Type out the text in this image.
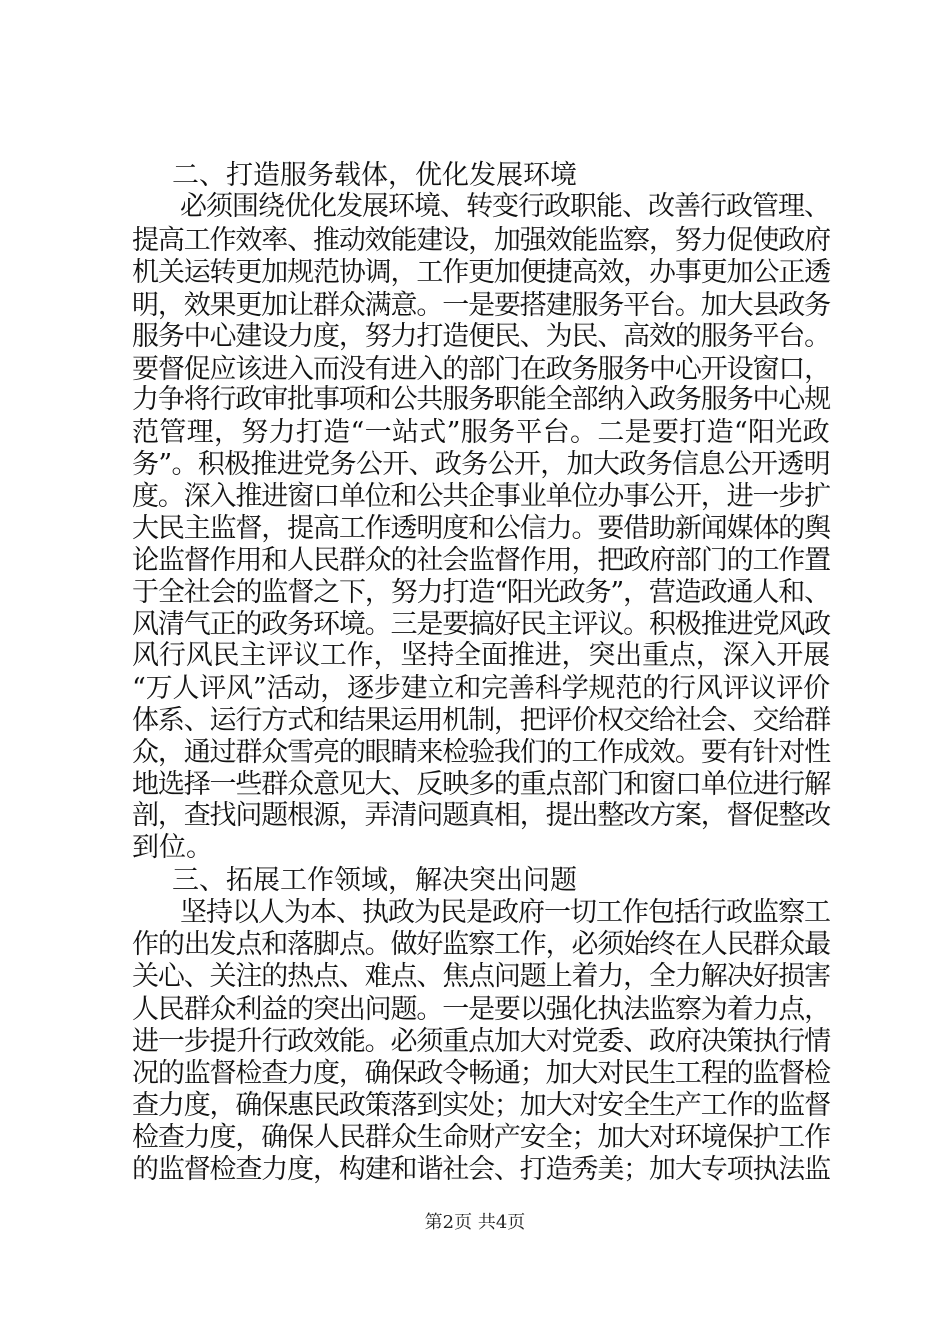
二、打造服务载体，优化发展环境
必须围绕优化发展环境、转变行政职能、改善行政管理、
提高工作效率、推动效能建设，加强效能监察，努力促使政府
机关运转更加规范协调，工作更加便捷高效，办事更加公正透
明，效果更加让群众满意。一是要搭建服务平台。加大县政务
服务中心建设力度，努力打造便民、为民、高效的服务平台。
要督促应该进入而没有进入的部门在政务服务中心开设窗口，
力争将行政审批事项和公共服务职能全部纳入政务服务中心规
范管理，努力打造“一站式”服务平台。二是要打造“阳光政
务”。积极推进党务公开、政务公开，加大政务信息公开透明
度。深入推进窗口单位和公共企事业单位办事公开，进一步扩
大民主监督，提高工作透明度和公信力。要借助新闻媒体的舆
论监督作用和人民群众的社会监督作用，把政府部门的工作置
于全社会的监督之下，努力打造“阳光政务”，营造政通人和、
风清气正的政务环境。三是要搞好民主评议。积极推进党风政
风行风民主评议工作，坚持全面推进，突出重点，深入开展
“万人评风”活动，逐步建立和完善科学规范的行风评议评价
体系、运行方式和结果运用机制，把评价权交给社会、交给群
众，通过群众雪亮的眼睛来检验我们的工作成效。要有针对性
地选择一些群众意见大、反映多的重点部门和窗口单位进行解
剖，查找问题根源，弄清问题真相，提出整改方案，督促整改
到位。
三、拓展工作领域，解决突出问题
坚持以人为本、执政为民是政府一切工作包括行政监察工
作的出发点和落脚点。做好监察工作，必须始终在人民群众最
关心、关注的热点、难点、焦点问题上着力，全力解决好损害
人民群众利益的突出问题。一是要以强化执法监察为着力点，
进一步提升行政效能。必须重点加大对党委、政府决策执行情
况的监督检查力度，确保政令畅通；加大对民生工程的监督检
查力度，确保惠民政策落到实处；加大对安全生产工作的监督
检查力度，确保人民群众生命财产安全；加大对环境保护工作
的监督检查力度，构建和谐社会、打造秀美；加大专项执法监
第2页 共4页
